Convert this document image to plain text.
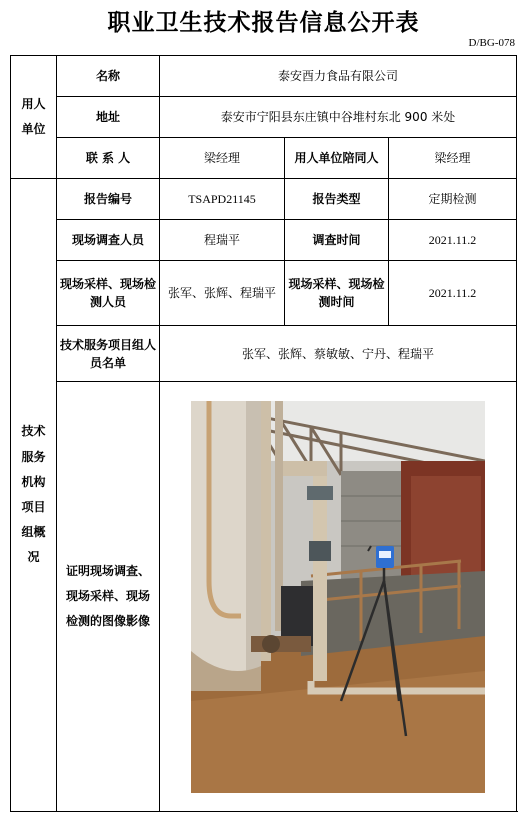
职业卫生技术报告信息公开表
D/BG-078
用人单位	名称	泰安酉力食品有限公司		
	地址	泰安市宁阳县东庄镇中谷堆村东北 900 米处		
	联 系 人	梁经理	用人单位陪同人	梁经理
技术服务机构项目组概况	报告编号	TSAPD21145	报告类型	定期检测
	现场调查人员	程瑞平	调查时间	2021.11.2
	现场采样、现场检测人员	张军、张辉、程瑞平	现场采样、现场检测时间	2021.11.2
	技术服务项目组人员名单	张军、张辉、蔡敏敏、宁丹、程瑞平		
	证明现场调查、现场采样、现场检测的图像影像	
